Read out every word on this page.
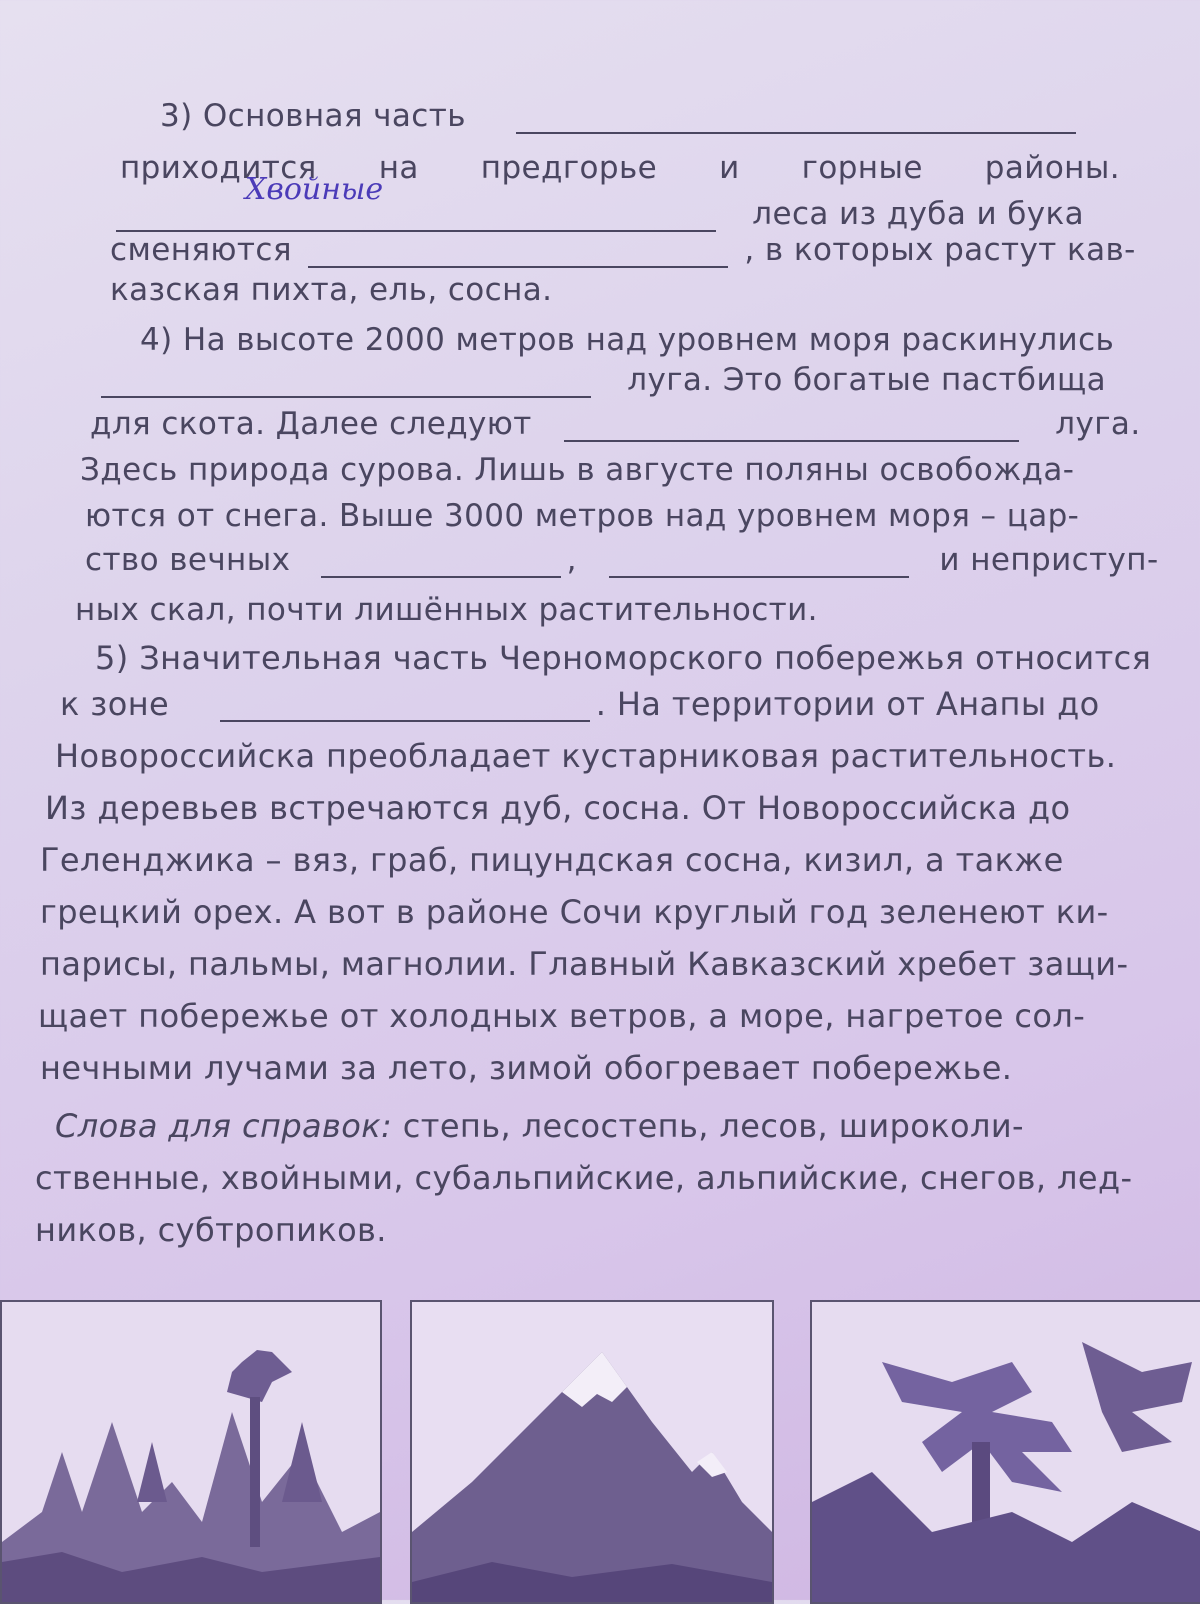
3) Основная часть
приходится на предгорье и горные районы.
леса из дуба и бука
Хвойные
сменяются	, в которых растут кав-
казская пихта, ель, сосна.
4) На высоте 2000 метров над уровнем моря раскинулись
луга. Это богатые пастбища
для скота. Далее следуют	луга.
Здесь природа сурова. Лишь в августе поляны освобожда-
ются от снега. Выше 3000 метров над уровнем моря – цар-
ство вечных	,	и неприступ-
ных скал, почти лишённых растительности.
5) Значительная часть Черноморского побережья относится
к зоне	. На территории от Анапы до
Новороссийска преобладает кустарниковая растительность.
Из деревьев встречаются дуб, сосна. От Новороссийска до
Геленджика – вяз, граб, пицундская сосна, кизил, а также
грецкий орех. А вот в районе Сочи круглый год зеленеют ки-
парисы, пальмы, магнолии. Главный Кавказский хребет защи-
щает побережье от холодных ветров, а море, нагретое сол-
нечными лучами за лето, зимой обогревает побережье.
Слова для справок: степь, лесостепь, лесов, широколи-
ственные, хвойными, субальпийские, альпийские, снегов, лед-
ников, субтропиков.
